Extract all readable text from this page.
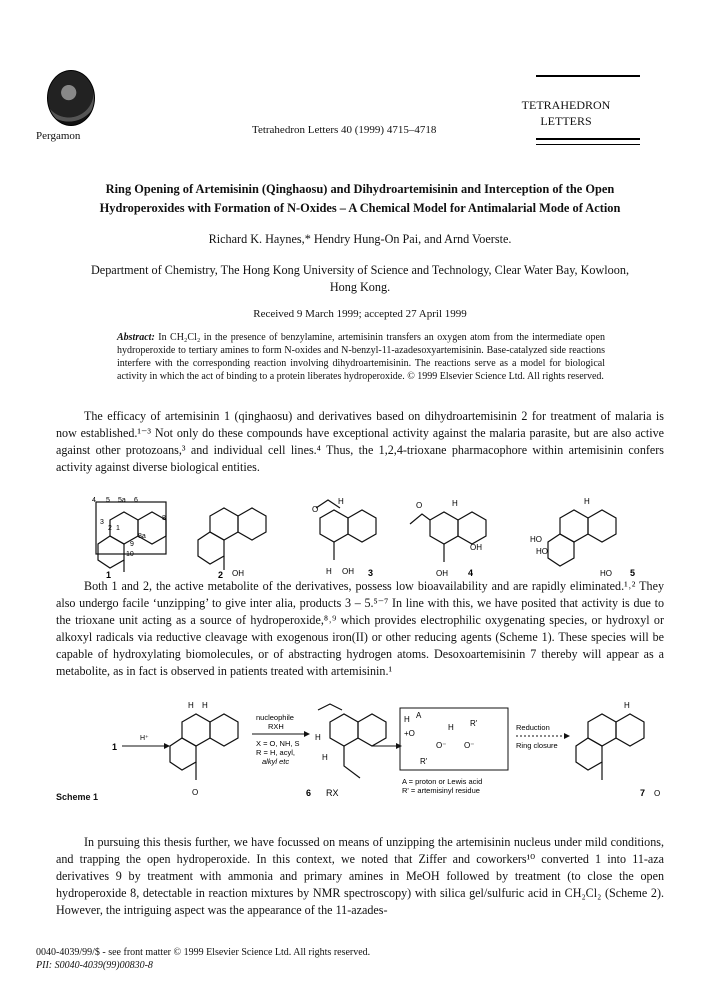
Pergamon	Tetrahedron Letters 40 (1999) 4715–4718
TETRAHEDRON
LETTERS
Ring Opening of Artemisinin (Qinghaosu) and Dihydroartemisinin and Interception of the Open
Hydroperoxides with Formation of N-Oxides – A Chemical Model for Antimalarial Mode of Action
Richard K. Haynes,* Hendry Hung-On Pai, and Arnd Voerste.
Department of Chemistry, The Hong Kong University of Science and Technology, Clear Water Bay, Kowloon,
Hong Kong.
Received 9 March 1999; accepted 27 April 1999
Abstract: In CH₂Cl₂ in the presence of benzylamine, artemisinin transfers an oxygen atom from the intermediate open hydroperoxide to tertiary amines to form N-oxides and N-benzyl-11-azadesoxyartemisinin. Base-catalyzed side reactions interfere with the corresponding reaction involving dihydroartemisinin. The reactions serve as a model for biological activity in which the act of binding to a protein liberates hydroperoxide. © 1999 Elsevier Science Ltd. All rights reserved.
The efficacy of artemisinin 1 (qinghaosu) and derivatives based on dihydroartemisinin 2 for treatment of malaria is now established.¹⁻³ Not only do these compounds have exceptional activity against the malaria parasite, but are also active against other protozoans,³ and individual cell lines.⁴ Thus, the 1,2,4-trioxane pharmacophore within artemisinin confers activity against diverse biological entities.
4 5 5a 6
3
2 1
9
8a
8
10
1	2 OH
O
H
H OH 3
O	H
OH
OH 4
H
HO
HO
HO 5
Both 1 and 2, the active metabolite of the derivatives, possess low bioavailability and are rapidly eliminated.¹˒² They also undergo facile ‘unzipping’ to give inter alia, products 3 – 5.⁵⁻⁷ In line with this, we have posited that activity is due to the trioxane unit acting as a source of hydroperoxide,⁸˒⁹ which provides electrophilic oxygenating species, or hydroxyl or alkoxyl radicals via reductive cleavage with exogenous iron(II) or other reducing agents (Scheme 1). These species will be capable of hydroxylating biomolecules, or of abstracting hydrogen atoms. Desoxoartemisinin 7 thereby will appear as a metabolite, as in fact is observed in patients treated with artemisinin.¹
1
H⁺
H H
O
nucleophile
RXH
X = O, NH, S
R = H, acyl,
alkyl etc
H
H
6 RX
H A
+O
H R'
O⁻ O⁻
R'
A = proton or Lewis acid
R' = artemisinyl residue
Reduction
Ring closure
H
7 O
Scheme 1
In pursuing this thesis further, we have focussed on means of unzipping the artemisinin nucleus under mild conditions, and trapping the open hydroperoxide. In this context, we noted that Ziffer and coworkers¹⁰ converted 1 into 11-aza derivatives 9 by treatment with ammonia and primary amines in MeOH followed by treatment (to close the open hydroperoxide 8, detectable in reaction mixtures by NMR spectroscopy) with silica gel/sulfuric acid in CH₂Cl₂ (Scheme 2). However, the intriguing aspect was the appearance of the 11-azades-
0040-4039/99/$ - see front matter © 1999 Elsevier Science Ltd. All rights reserved.
PII: S0040-4039(99)00830-8
